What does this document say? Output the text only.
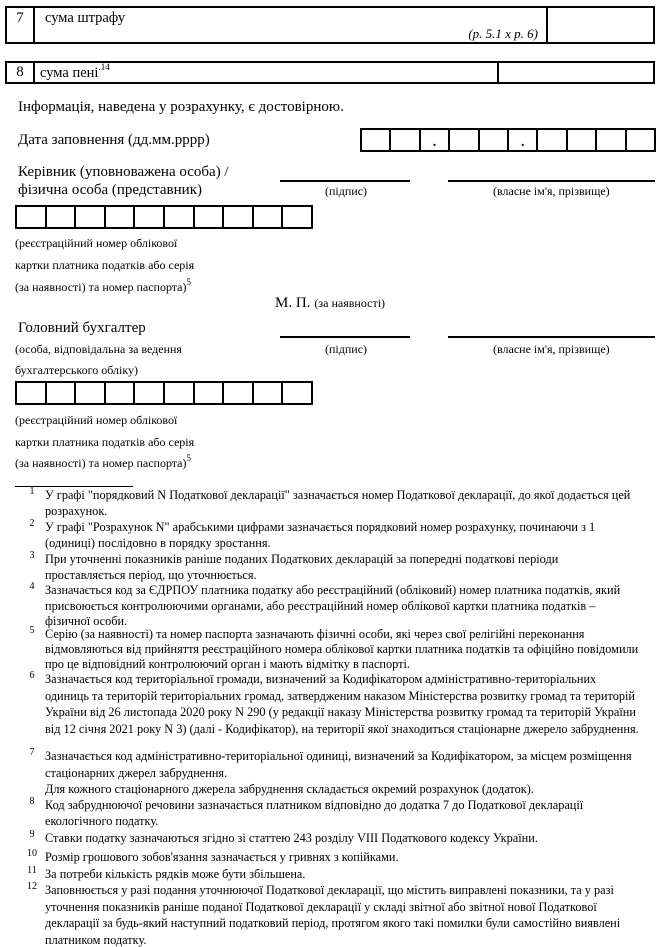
7	сума штрафу
(р. 5.1 х р. 6)
8	сума пені$^{.14}$
Інформація, наведена у розрахунку, є достовірною.
Дата заповнення (дд.мм.рррр)	.	.
Керівник (уповноважена особа) /
фізична особа (представник)	(підпис)	(власне ім'я, прізвище)
(реєстраційний номер облікової
картки платника податків або серія
(за наявності) та номер паспорта)$^5$
М. П. (за наявності)
Головний бухгалтер
(особа, відповідальна за ведення
бухгалтерського обліку)
(підпис)	(власне ім'я, прізвище)
(реєстраційний номер облікової
картки платника податків або серія
(за наявності) та номер паспорта)$^5$
1 У графі "порядковий N Податкової декларації" зазначається номер Податкової декларації, до якої додається цей
розрахунок.
2 У графі "Розрахунок N" арабськими цифрами зазначається порядковий номер розрахунку, починаючи з 1
(одиниці) послідовно в порядку зростання.
3 При уточненні показників раніше поданих Податкових декларацій за попередні податкові періоди
проставляється період, що уточнюється.
4 Зазначається код за ЄДРПОУ платника податку або реєстраційний (обліковий) номер платника податків, який
присвоюється контролюючими органами, або реєстраційний номер облікової картки платника податків –
фізичної особи.
5 Серію (за наявності) та номер паспорта зазначають фізичні особи, які через свої релігійні переконання
відмовляються від прийняття реєстраційного номера облікової картки платника податків та офіційно повідомили
про це відповідний контролюючий орган і мають відмітку в паспорті.
6 Зазначається код територіальної громади, визначений за Кодифікатором адміністративно-територіальних
одиниць та територій територіальних громад, затвердженим наказом Міністерства розвитку громад та територій
України від 26 листопада 2020 року N 290 (у редакції наказу Міністерства розвитку громад та територій України
від 12 січня 2021 року N 3) (далі - Кодифікатор), на території якої знаходиться стаціонарне джерело забруднення.
7 Зазначається код адміністративно-територіальної одиниці, визначений за Кодифікатором, за місцем розміщення
стаціонарних джерел забруднення.
Для кожного стаціонарного джерела забруднення складається окремий розрахунок (додаток).
8 Код забруднюючої речовини зазначається платником відповідно до додатка 7 до Податкової декларації
екологічного податку.
9 Ставки податку зазначаються згідно зі статтею 243 розділу VIII Податкового кодексу України.
10 Розмір грошового зобов'язання зазначається у гривнях з копійками.
11 За потреби кількість рядків може бути збільшена.
12 Заповнюється у разі подання уточнюючої Податкової декларації, що містить виправлені показники, та у разі
уточнення показників раніше поданої Податкової декларації у складі звітної або звітної нової Податкової
декларації за будь-який наступний податковий період, протягом якого такі помилки були самостійно виявлені
платником податку.
